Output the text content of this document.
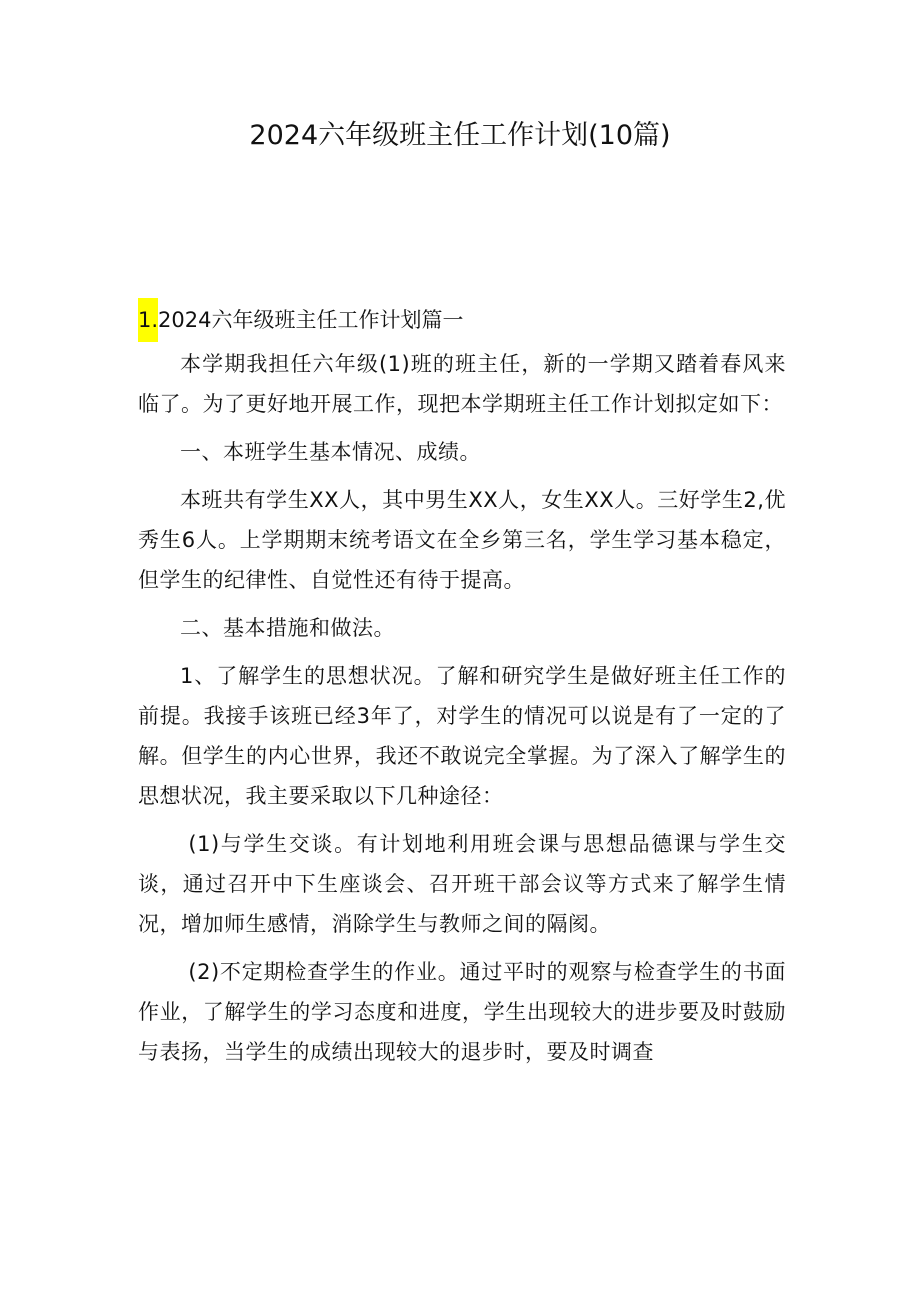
2024六年级班主任工作计划(10篇)
1.2024六年级班主任工作计划篇一

本学期我担任六年级(1)班的班主任，新的一学期又踏着春风来临了。为了更好地开展工作，现把本学期班主任工作计划拟定如下：

一、本班学生基本情况、成绩。

本班共有学生XX人，其中男生XX人，女生XX人。三好学生2,优秀生6人。上学期期末统考语文在全乡第三名，学生学习基本稳定，但学生的纪律性、自觉性还有待于提高。

二、基本措施和做法。

1、了解学生的思想状况。了解和研究学生是做好班主任工作的前提。我接手该班已经3年了，对学生的情况可以说是有了一定的了解。但学生的内心世界，我还不敢说完全掌握。为了深入了解学生的思想状况，我主要采取以下几种途径：

(1)与学生交谈。有计划地利用班会课与思想品德课与学生交谈，通过召开中下生座谈会、召开班干部会议等方式来了解学生情况，增加师生感情，消除学生与教师之间的隔阂。

(2)不定期检查学生的作业。通过平时的观察与检查学生的书面作业，了解学生的学习态度和进度，学生出现较大的进步要及时鼓励与表扬，当学生的成绩出现较大的退步时，要及时调查
